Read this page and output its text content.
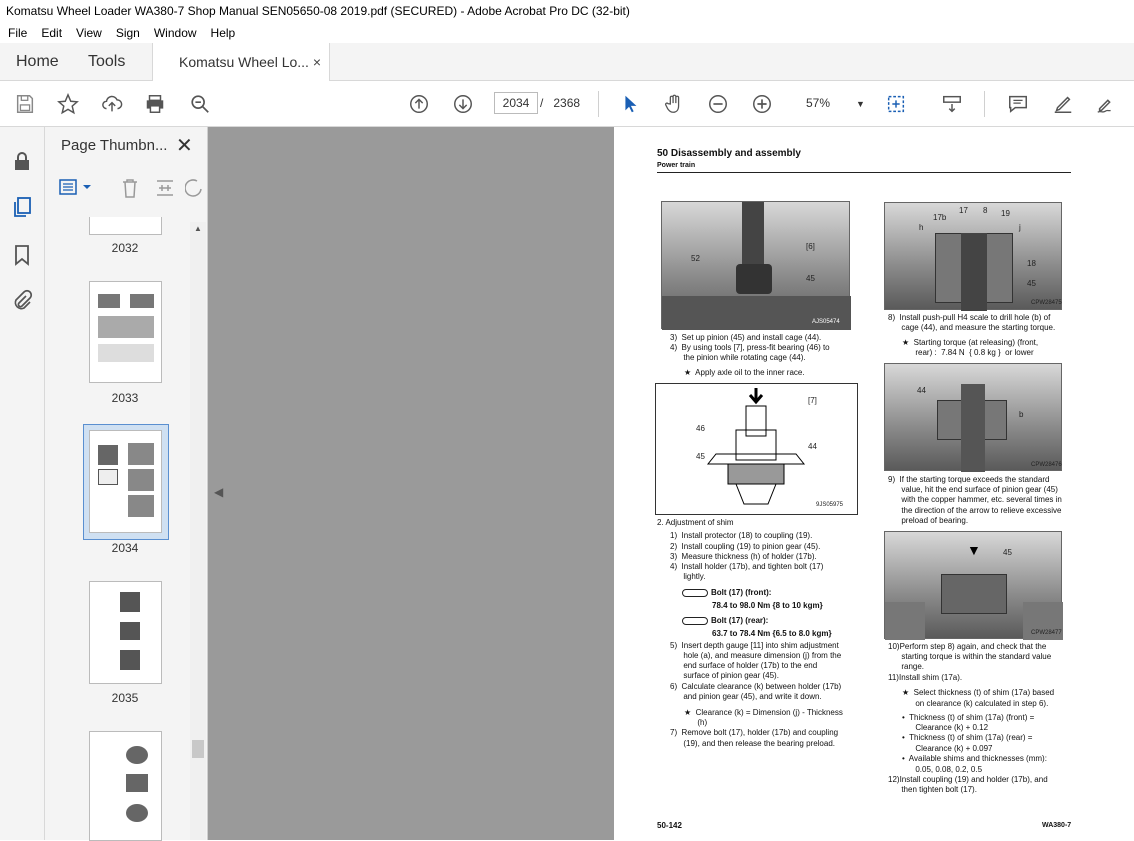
Komatsu Wheel Loader WA380-7 Shop Manual SEN05650-08 2019.pdf (SECURED) - Adobe Acrobat Pro DC (32-bit)
File Edit View Sign Window Help
Home Tools	Komatsu Wheel Lo... ×
2034 / 2368	57%	▼
Page Thumbn... ✕
2032
2033
2034
2035
▲
◀
50 Disassembly and assembly
Power train
[6]
52
45
AJS05474
3)  Set up pinion (45) and install cage (44).
4)  By using tools [7], press-fit bearing (46) to
the pinion while rotating cage (44).
★  Apply axle oil to the inner race.
[7]
46
44
45
9JS05975
2. Adjustment of shim
1)  Install protector (18) to coupling (19).
2)  Install coupling (19) to pinion gear (45).
3)  Measure thickness (h) of holder (17b).
4)  Install holder (17b), and tighten bolt (17)
lightly.
Bolt (17) (front):
78.4 to 98.0 Nm {8 to 10 kgm}
Bolt (17) (rear):
63.7 to 78.4 Nm {6.5 to 8.0 kgm}
5)  Insert depth gauge [11] into shim adjustment
hole (a), and measure dimension (j) from the
end surface of holder (17b) to the end
surface of pinion gear (45).
6)  Calculate clearance (k) between holder (17b)
and pinion gear (45), and write it down.
★  Clearance (k) = Dimension (j) - Thickness
(h)
7)  Remove bolt (17), holder (17b) and coupling
(19), and then release the bearing preload.
17 8 19
17b
h	j
18
45
CPW28475
8)  Install push-pull H4 scale to drill hole (b) of
cage (44), and measure the starting torque.
★  Starting torque (at releasing) (front,
rear) :  7.84 N  { 0.8 kg }  or lower
44
b
CPW28476
9)  If the starting torque exceeds the standard
value, hit the end surface of pinion gear (45)
with the copper hammer, etc. several times in
the direction of the arrow to relieve excessive
preload of bearing.
▼	45
CPW28477
10)Perform step 8) again, and check that the
starting torque is within the standard value
range.
11)Install shim (17a).
★  Select thickness (t) of shim (17a) based
on clearance (k) calculated in step 6).
•  Thickness (t) of shim (17a) (front) =
Clearance (k) + 0.12
•  Thickness (t) of shim (17a) (rear) =
Clearance (k) + 0.097
•  Available shims and thicknesses (mm):
0.05, 0.08, 0.2, 0.5
12)Install coupling (19) and holder (17b), and
then tighten bolt (17).
50-142	WA380-7
